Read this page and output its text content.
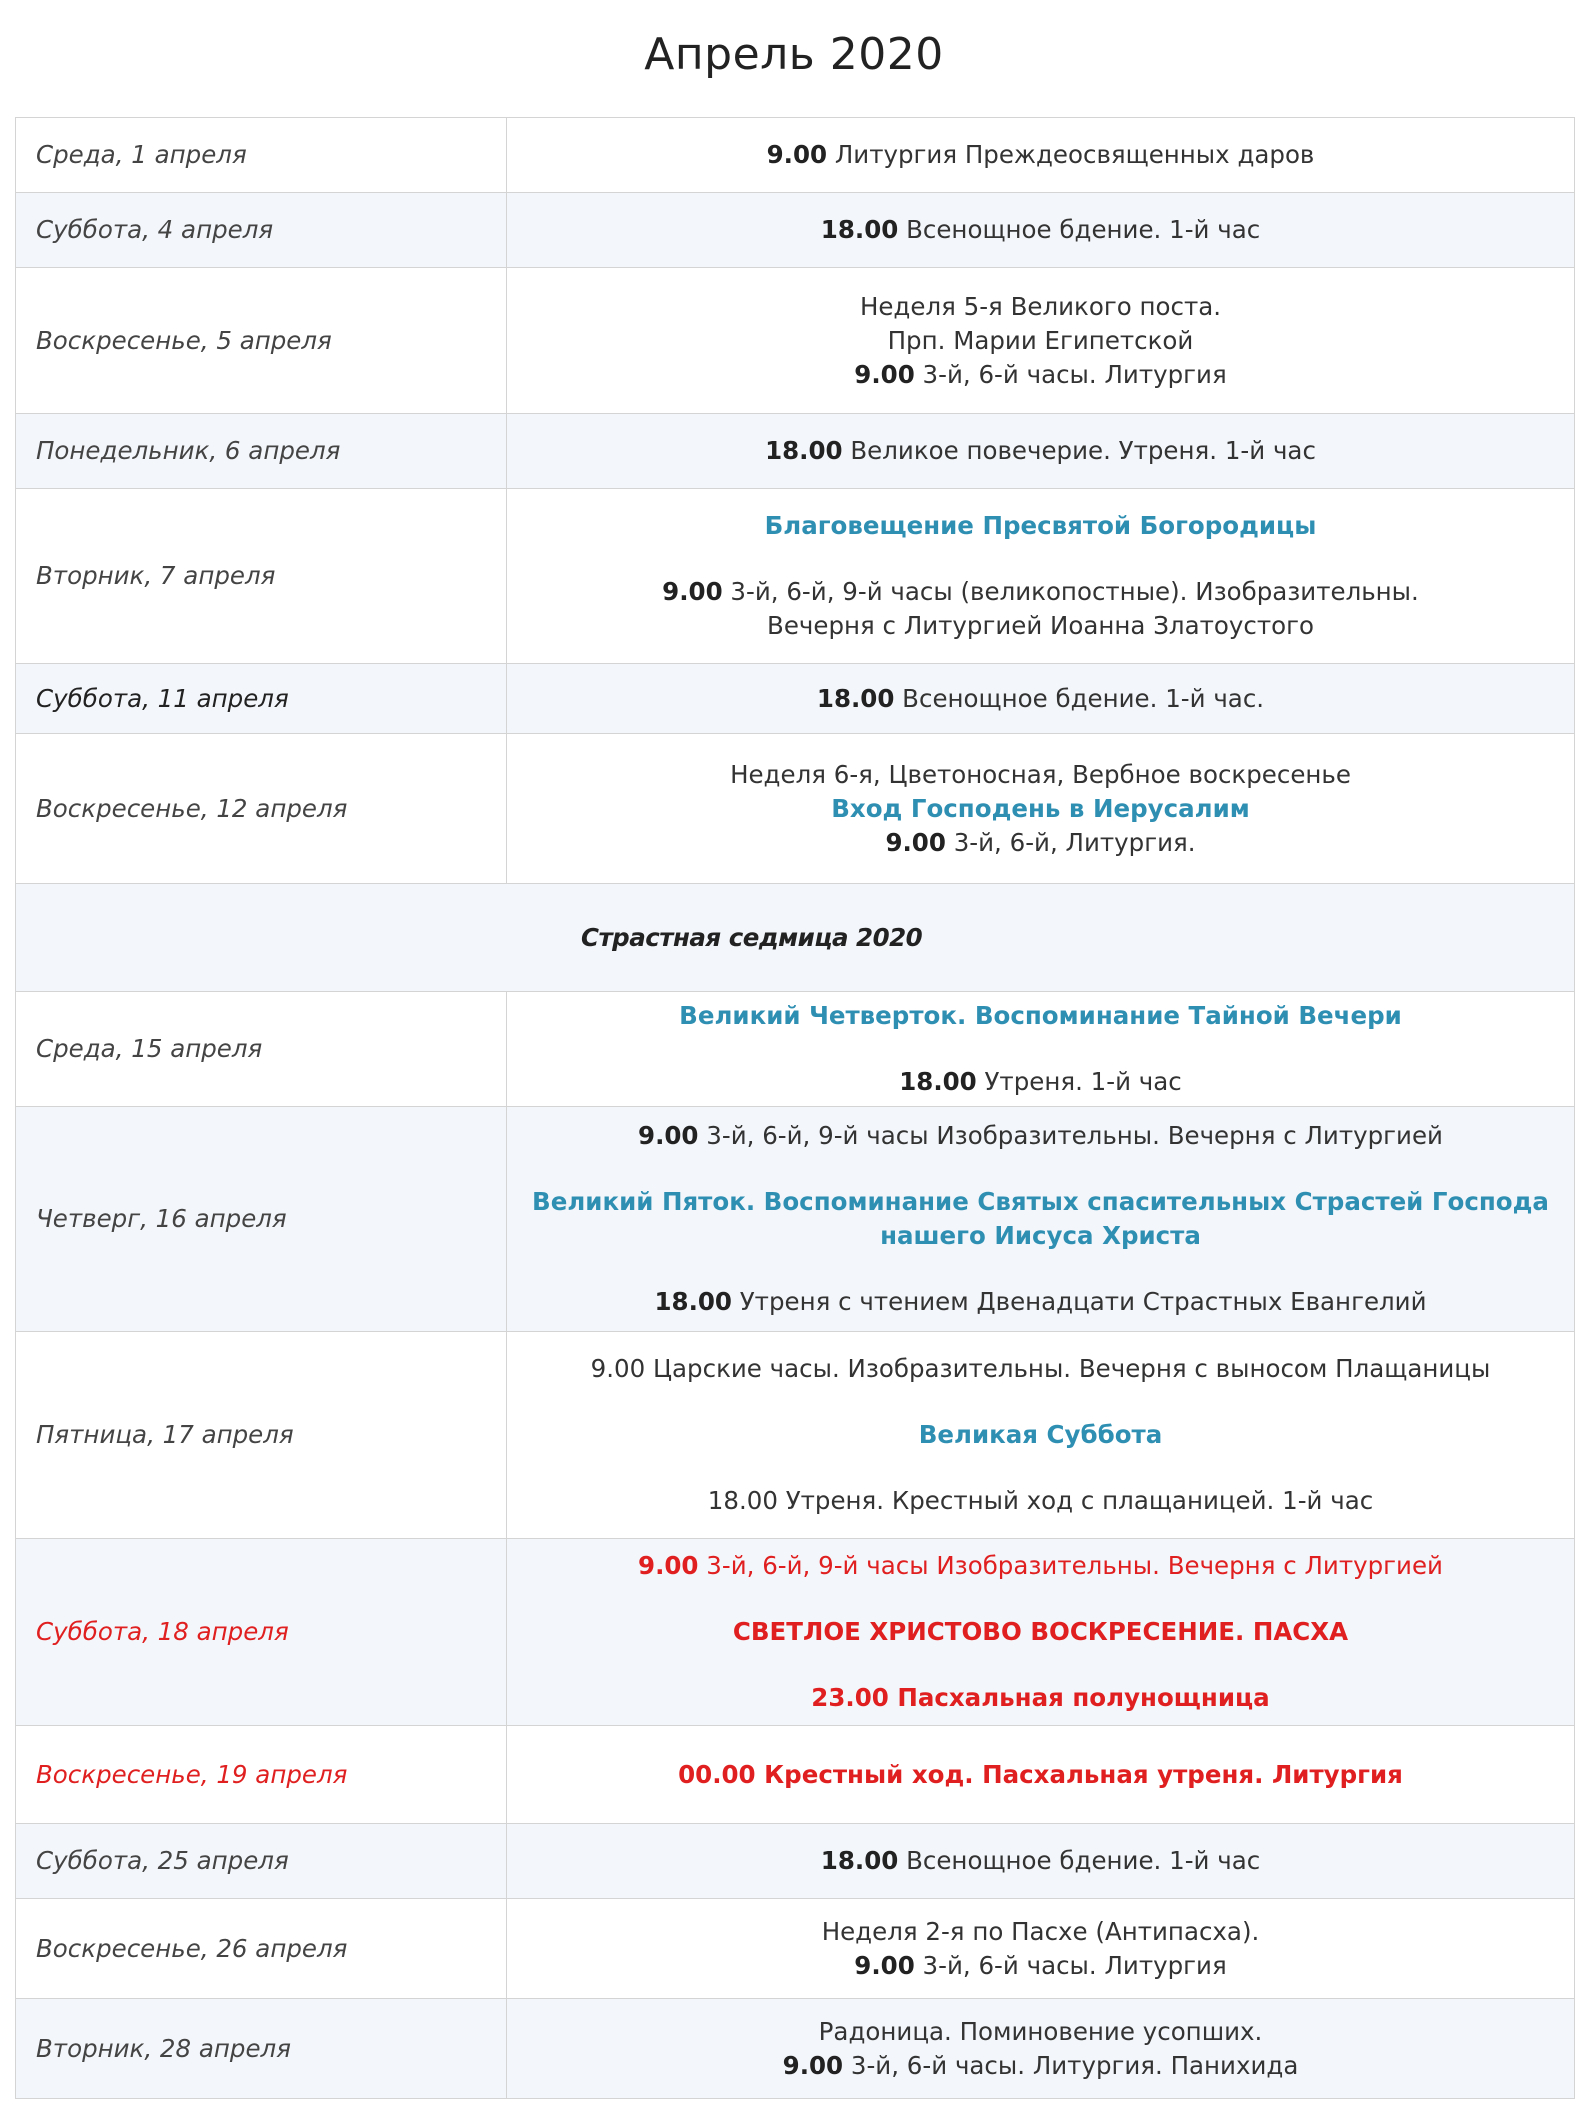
Апрель 2020
Среда, 1 апреля	9.00 Литургия Преждеосвященных даров
Суббота, 4 апреля	18.00 Всенощное бдение. 1-й час
Воскресенье, 5 апреля	Неделя 5-я Великого поста.
Прп. Марии Египетской
9.00 3-й, 6-й часы. Литургия

Понедельник, 6 апреля	18.00 Великое повечерие. Утреня. 1-й час
Вторник, 7 апреля	Благовещение Пресвятой Богородицы
9.00 3-й, 6-й, 9-й часы (великопостные). Изобразительны.
Вечерня с Литургией Иоанна Златоустого

Суббота, 11 апреля	18.00 Всенощное бдение. 1-й час.
Воскресенье, 12 апреля	Неделя 6-я, Цветоносная, Вербное воскресенье
Вход Господень в Иерусалим
9.00 3-й, 6-й, Литургия.

Страстная седмица 2020	
Среда, 15 апреля	Великий Четверток. Воспоминание Тайной Вечери
18.00 Утреня. 1-й час

Четверг, 16 апреля	9.00 3-й, 6-й, 9-й часы Изобразительны. Вечерня с Литургией
Великий Пяток. Воспоминание Святых спасительных Страстей Господа
нашего Иисуса Христа
18.00 Утреня с чтением Двенадцати Страстных Евангелий

Пятница, 17 апреля	9.00 Царские часы. Изобразительны. Вечерня с выносом Плащаницы
Великая Суббота
18.00 Утреня. Крестный ход с плащаницей. 1-й час

Суббота, 18 апреля	9.00 3-й, 6-й, 9-й часы Изобразительны. Вечерня с Литургией
СВЕТЛОЕ ХРИСТОВО ВОСКРЕСЕНИЕ. ПАСХА
23.00 Пасхальная полунощница

Воскресенье, 19 апреля	00.00 Крестный ход. Пасхальная утреня. Литургия
Суббота, 25 апреля	18.00 Всенощное бдение. 1-й час
Воскресенье, 26 апреля	Неделя 2-я по Пасхе (Антипасха).
9.00 3-й, 6-й часы. Литургия

Вторник, 28 апреля	Радоница. Поминовение усопших.
9.00 3-й, 6-й часы. Литургия. Панихида
